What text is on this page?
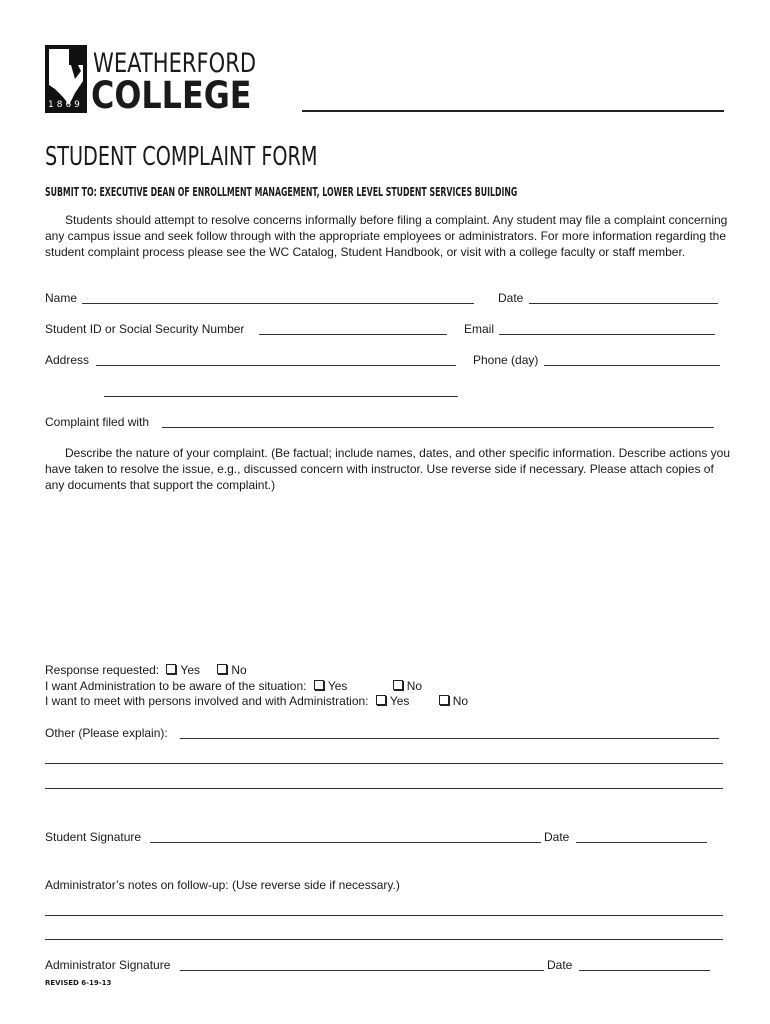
1869
WEATHERFORD
COLLEGE
STUDENT COMPLAINT FORM
SUBMIT TO: EXECUTIVE DEAN OF ENROLLMENT MANAGEMENT, LOWER LEVEL STUDENT SERVICES BUILDING
Students should attempt to resolve concerns informally before filing a complaint. Any student may file a complaint concerning any campus issue and seek follow through with the appropriate employees or administrators. For more information regarding the student complaint process please see the WC Catalog, Student Handbook, or visit with a college faculty or staff member.
Name	Date
Student ID or Social Security Number	Email
Address	Phone (day)
Complaint filed with
Describe the nature of your complaint. (Be factual; include names, dates, and other specific information. Describe actions you have taken to resolve the issue, e.g., discussed concern with instructor. Use reverse side if necessary. Please attach copies of any documents that support the complaint.)
Response requested: Yes	No
I want Administration to be aware of the situation: Yes	No
I want to meet with persons involved and with Administration: Yes	No
Other (Please explain):
Student Signature	Date
Administrator’s notes on follow-up: (Use reverse side if necessary.)
Administrator Signature	Date
REVISED 6-19-13
